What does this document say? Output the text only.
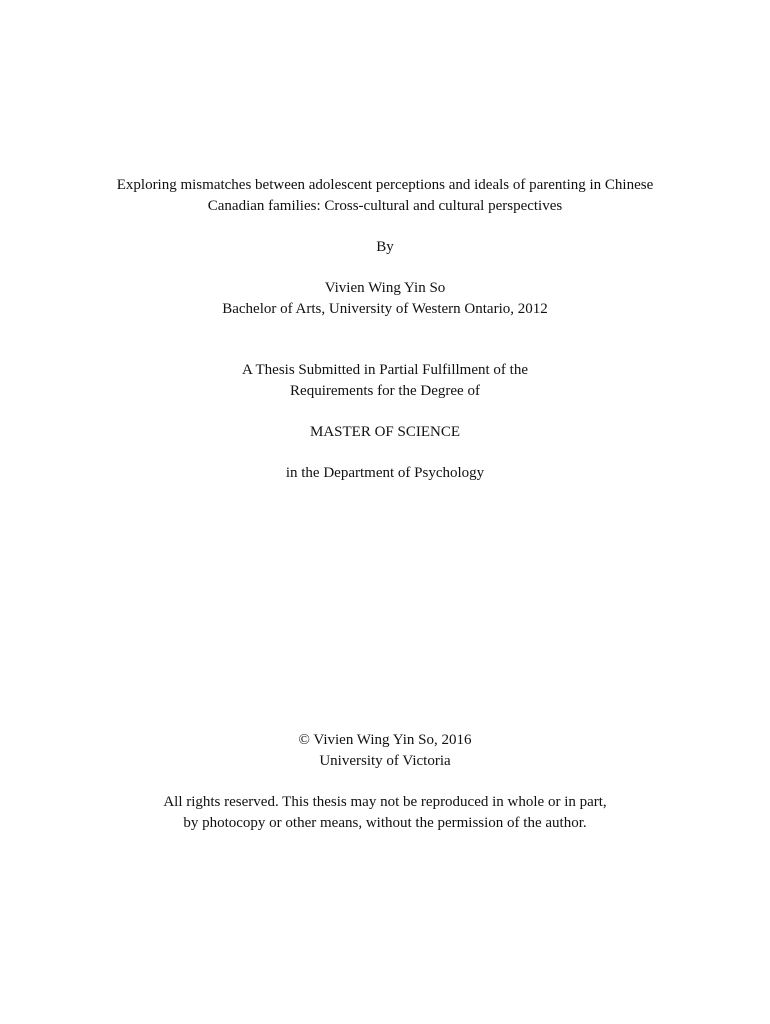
Exploring mismatches between adolescent perceptions and ideals of parenting in Chinese
Canadian families: Cross-cultural and cultural perspectives
By
Vivien Wing Yin So
Bachelor of Arts, University of Western Ontario, 2012
A Thesis Submitted in Partial Fulfillment of the
Requirements for the Degree of
MASTER OF SCIENCE
in the Department of Psychology
© Vivien Wing Yin So, 2016
University of Victoria
All rights reserved. This thesis may not be reproduced in whole or in part,
by photocopy or other means, without the permission of the author.
